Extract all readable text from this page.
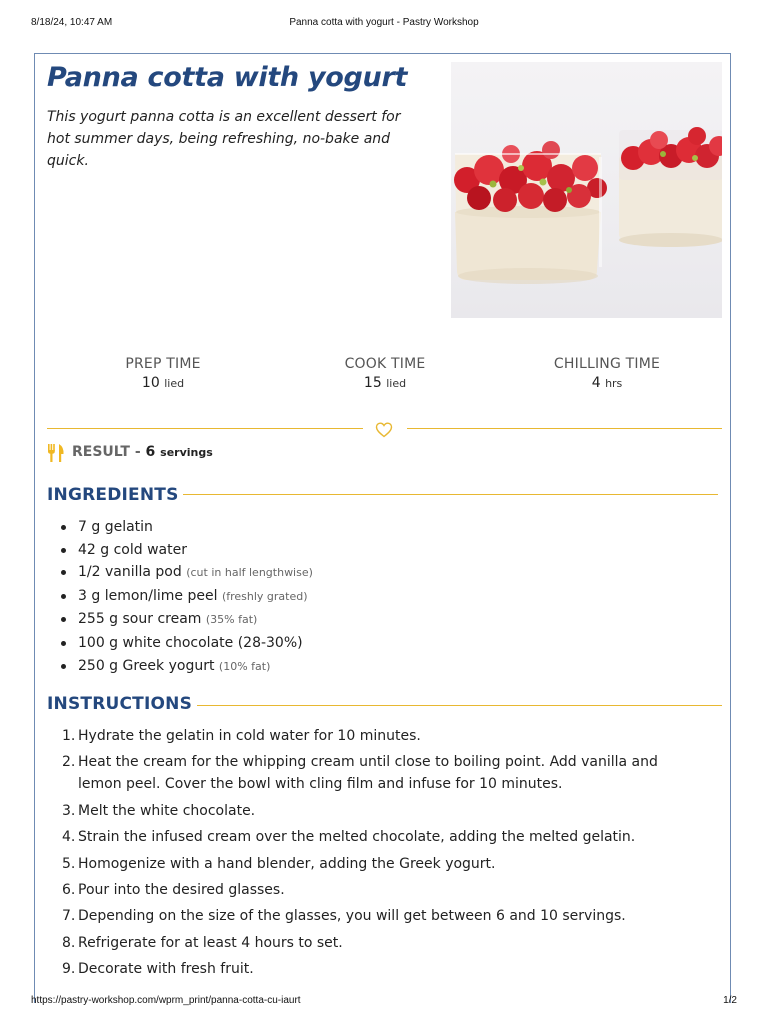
8/18/24, 10:47 AM	Panna cotta with yogurt - Pastry Workshop
Panna cotta with yogurt

This yogurt panna cotta is an excellent dessert for hot summer days, being refreshing, no-bake and quick.

PREP TIME
10 lied
COOK TIME
15 lied
CHILLING TIME
4 hrs
RESULT - 6 servings
INGREDIENTS
7 g gelatin
42 g cold water
1/2 vanilla pod (cut in half lengthwise)
3 g lemon/lime peel (freshly grated)
255 g sour cream (35% fat)
100 g white chocolate (28-30%)
250 g Greek yogurt (10% fat)
INSTRUCTIONS
1. Hydrate the gelatin in cold water for 10 minutes.
2. Heat the cream for the whipping cream until close to boiling point. Add vanilla and lemon peel. Cover the bowl with cling film and infuse for 10 minutes.
3. Melt the white chocolate.
4. Strain the infused cream over the melted chocolate, adding the melted gelatin.
5. Homogenize with a hand blender, adding the Greek yogurt.
6. Pour into the desired glasses.
7. Depending on the size of the glasses, you will get between 6 and 10 servings.
8. Refrigerate for at least 4 hours to set.
9. Decorate with fresh fruit.
https://pastry-workshop.com/wprm_print/panna-cotta-cu-iaurt	1/2
